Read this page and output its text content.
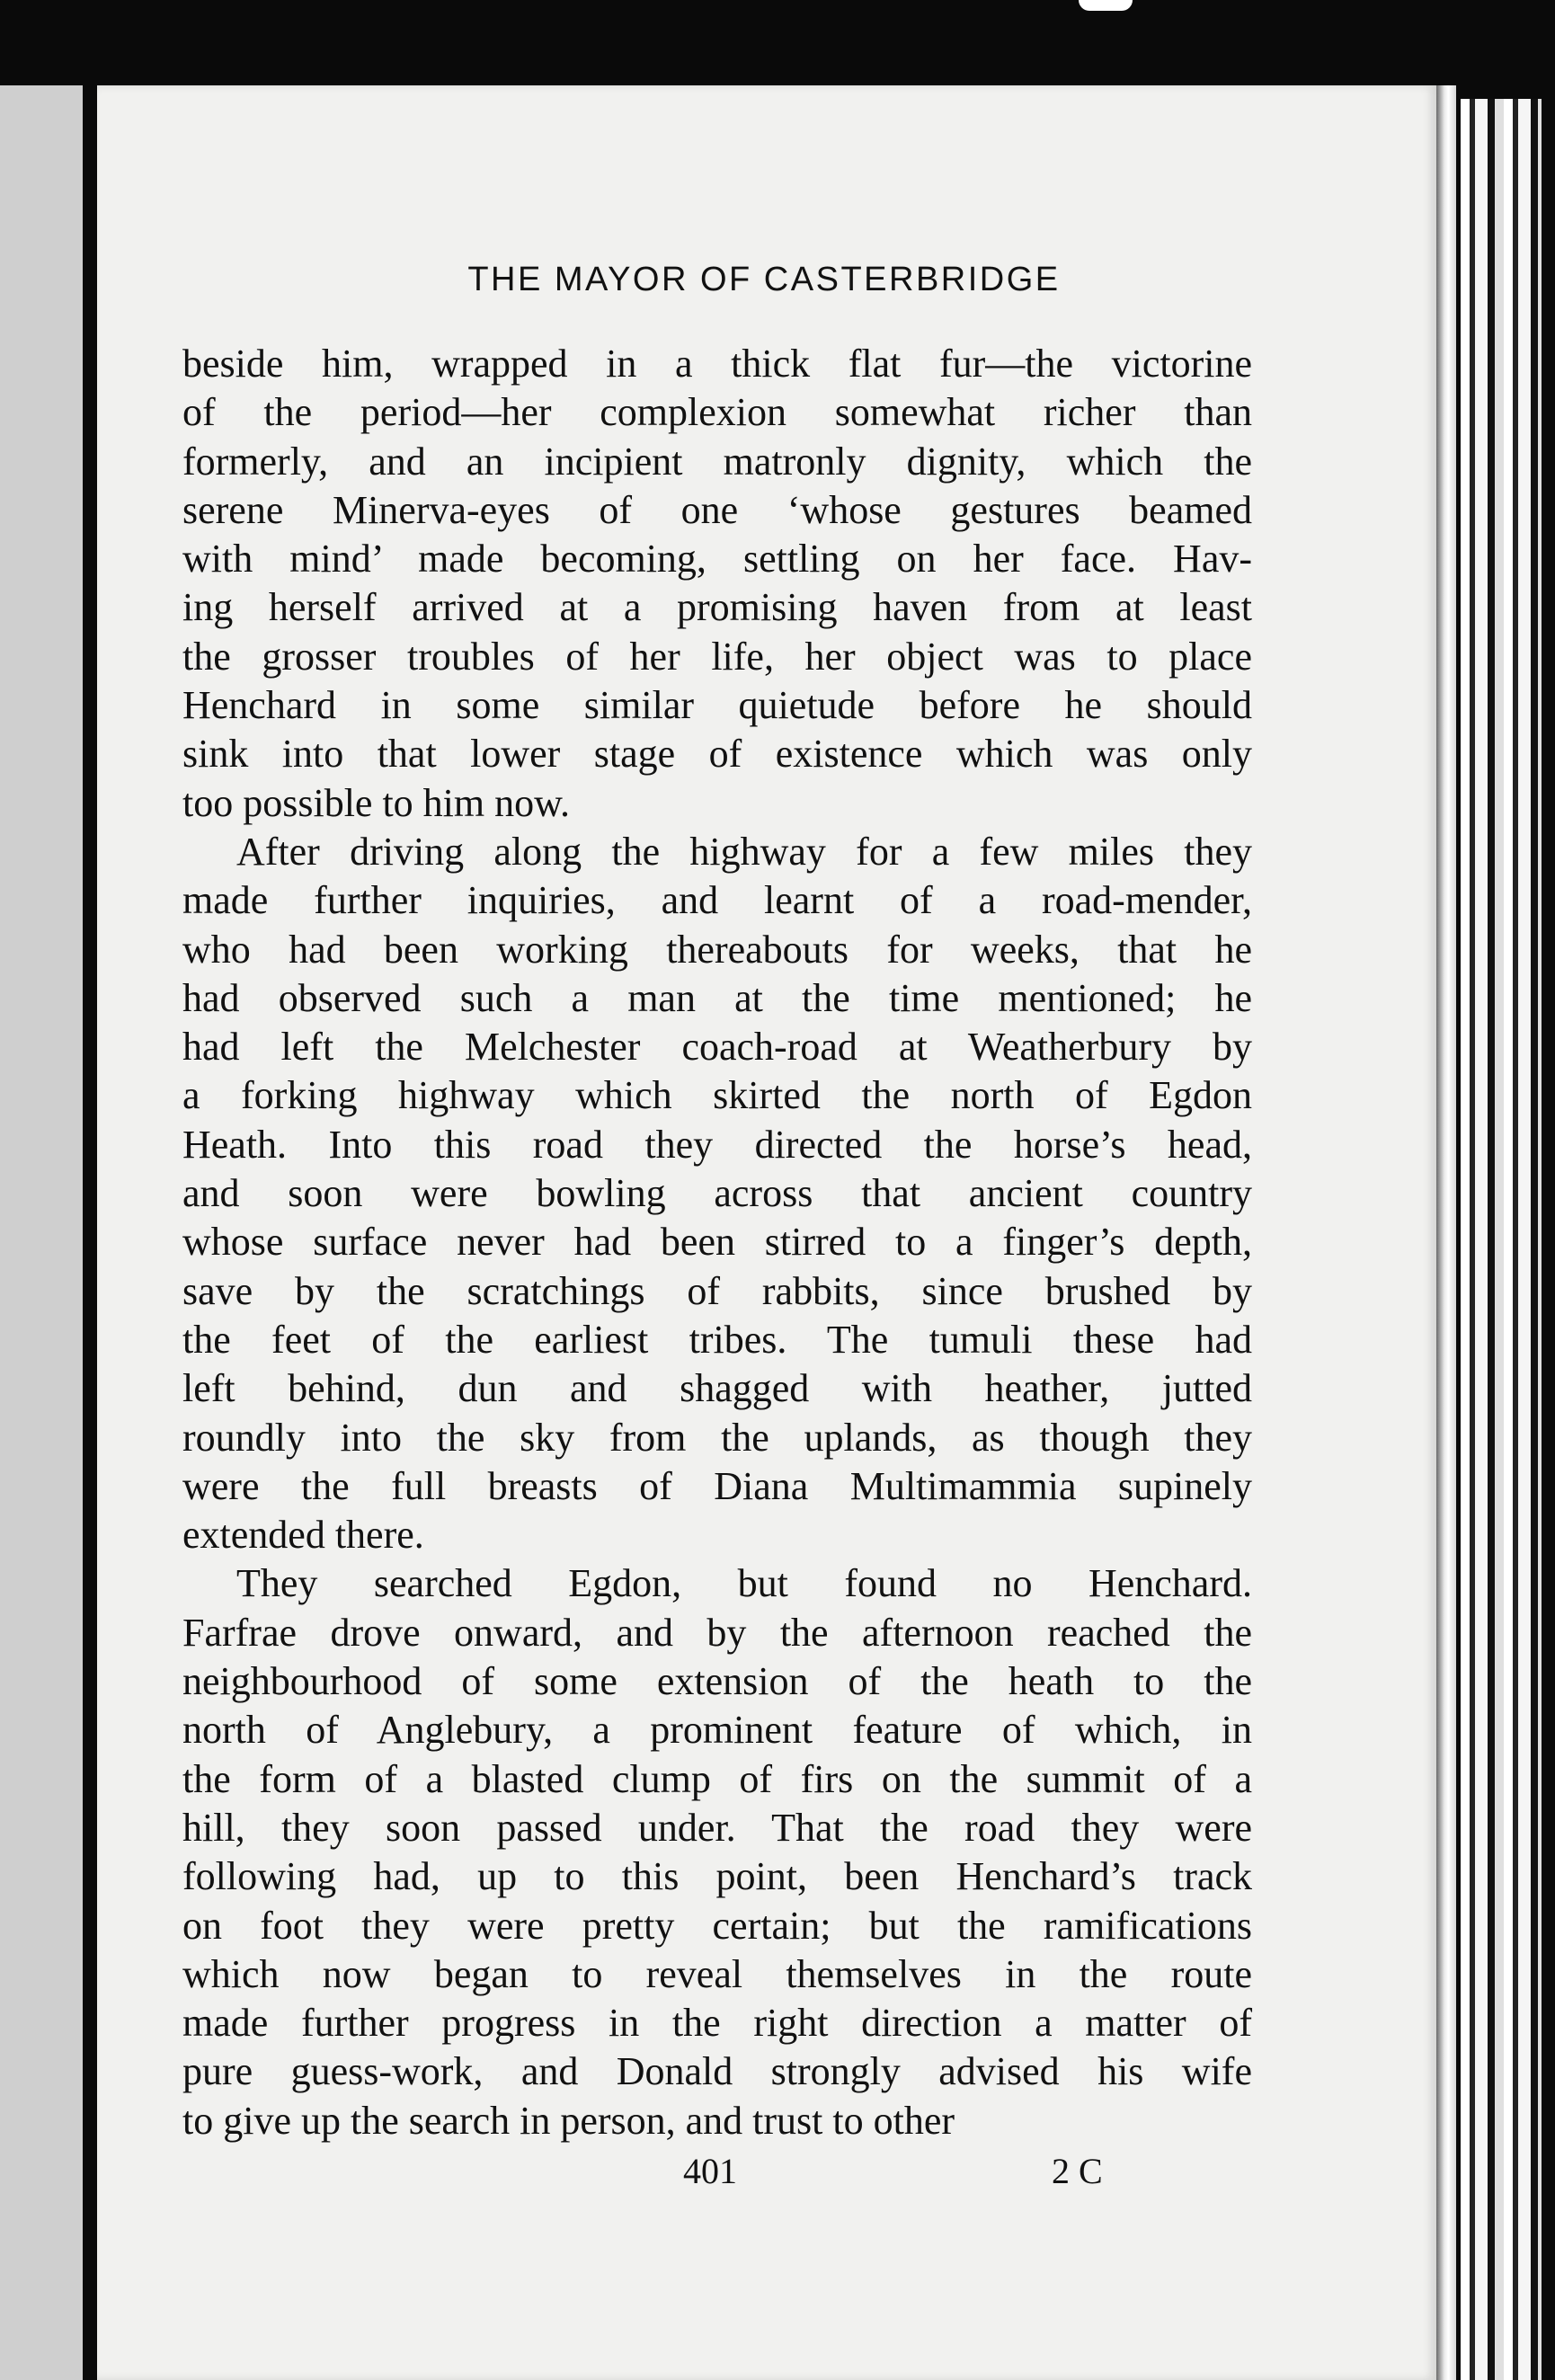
THE MAYOR OF CASTERBRIDGE
beside him, wrapped in a thick flat fur—the victorine
of the period—her complexion somewhat richer than
formerly, and an incipient matronly dignity, which the
serene Minerva-eyes of one ‘whose gestures beamed
with mind’ made becoming, settling on her face. Hav-
ing herself arrived at a promising haven from at least
the grosser troubles of her life, her object was to place
Henchard in some similar quietude before he should
sink into that lower stage of existence which was only
too possible to him now.
After driving along the highway for a few miles they
made further inquiries, and learnt of a road-mender,
who had been working thereabouts for weeks, that he
had observed such a man at the time mentioned; he
had left the Melchester coach-road at Weatherbury by
a forking highway which skirted the north of Egdon
Heath. Into this road they directed the horse’s head,
and soon were bowling across that ancient country
whose surface never had been stirred to a finger’s depth,
save by the scratchings of rabbits, since brushed by
the feet of the earliest tribes. The tumuli these had
left behind, dun and shagged with heather, jutted
roundly into the sky from the uplands, as though they
were the full breasts of Diana Multimammia supinely
extended there.
They searched Egdon, but found no Henchard.
Farfrae drove onward, and by the afternoon reached the
neighbourhood of some extension of the heath to the
north of Anglebury, a prominent feature of which, in
the form of a blasted clump of firs on the summit of a
hill, they soon passed under. That the road they were
following had, up to this point, been Henchard’s track
on foot they were pretty certain; but the ramifications
which now began to reveal themselves in the route
made further progress in the right direction a matter of
pure guess-work, and Donald strongly advised his wife
to give up the search in person, and trust to other
401	2 C
